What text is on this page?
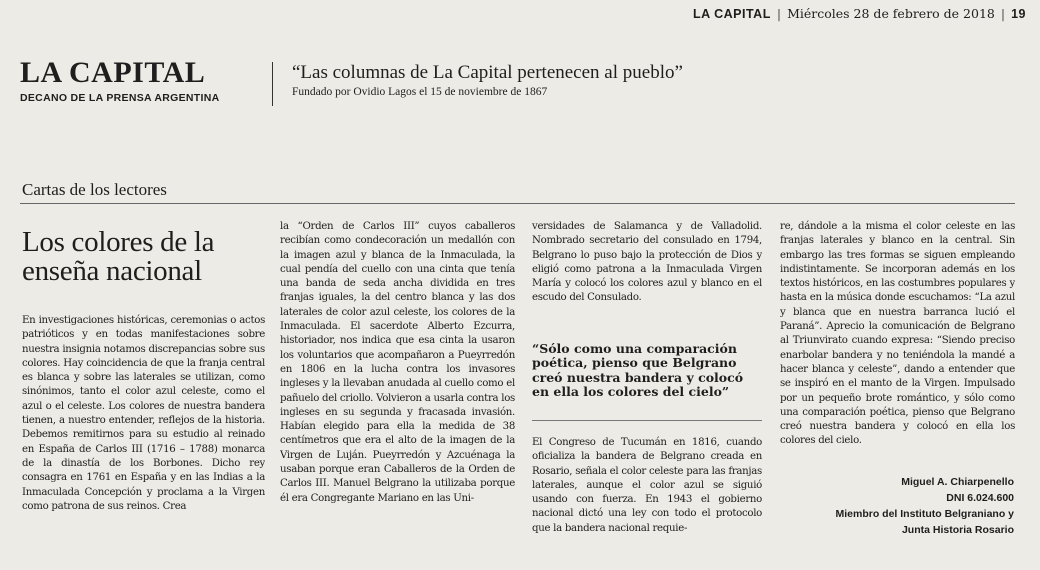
LA CAPITAL | Miércoles 28 de febrero de 2018 | 19
LA CAPITAL
DECANO DE LA PRENSA ARGENTINA
“Las columnas de La Capital pertenecen al pueblo”
Fundado por Ovidio Lagos el 15 de noviembre de 1867
Cartas de los lectores
Los colores de la enseña nacional

En investigaciones históricas, ceremonias o actos patrióticos y en todas manifestaciones sobre nuestra insignia notamos discrepancias sobre sus colores. Hay coincidencia de que la franja central es blanca y sobre las laterales se utilizan, como sinónimos, tanto el color azul celeste, como el azul o el celeste. Los colores de nuestra bandera tienen, a nuestro entender, reflejos de la historia. Debemos remitirnos para su estudio al reinado en España de Carlos III (1716 – 1788) monarca de la dinastía de los Borbones. Dicho rey consagra en 1761 en España y en las Indias a la Inmaculada Concepción y proclama a la Virgen como patrona de sus reinos. Crea

la “Orden de Carlos III” cuyos caballeros recibían como condecoración un medallón con la imagen azul y blanca de la Inmaculada, la cual pendía del cuello con una cinta que tenía una banda de seda ancha dividida en tres franjas iguales, la del centro blanca y las dos laterales de color azul celeste, los colores de la Inmaculada. El sacerdote Alberto Ezcurra, historiador, nos indica que esa cinta la usaron los voluntarios que acompañaron a Pueyrredón en 1806 en la lucha contra los invasores ingleses y la llevaban anudada al cuello como el pañuelo del criollo. Volvieron a usarla contra los ingleses en su segunda y fracasada invasión. Habían elegido para ella la medida de 38 centímetros que era el alto de la imagen de la Virgen de Luján. Pueyrredón y Azcuénaga la usaban porque eran Caballeros de la Orden de Carlos III. Manuel Belgrano la utilizaba porque él era Congregante Mariano en las Uni-

versidades de Salamanca y de Valladolid. Nombrado secretario del consulado en 1794, Belgrano lo puso bajo la protección de Dios y eligió como patrona a la Inmaculada Virgen María y colocó los colores azul y blanco en el escudo del Consulado.

“Sólo como una comparación poética, pienso que Belgrano creó nuestra bandera y colocó en ella los colores del cielo”

El Congreso de Tucumán en 1816, cuando oficializa la bandera de Belgrano creada en Rosario, señala el color celeste para las franjas laterales, aunque el color azul se siguió usando con fuerza. En 1943 el gobierno nacional dictó una ley con todo el protocolo que la bandera nacional requie-

re, dándole a la misma el color celeste en las franjas laterales y blanco en la central. Sin embargo las tres formas se siguen empleando indistintamente. Se incorporan además en los textos históricos, en las costumbres populares y hasta en la música donde escuchamos: “La azul y blanca que en nuestra barranca lució el Paraná”. Aprecio la comunicación de Belgrano al Triunvirato cuando expresa: “Siendo preciso enarbolar bandera y no teniéndola la mandé a hacer blanca y celeste”, dando a entender que se inspiró en el manto de la Virgen. Impulsado por un pequeño brote romántico, y sólo como una comparación poética, pienso que Belgrano creó nuestra bandera y colocó en ella los colores del cielo.

Miguel A. Chiarpenello
DNI 6.024.600
Miembro del Instituto Belgraniano y
Junta Historia Rosario
